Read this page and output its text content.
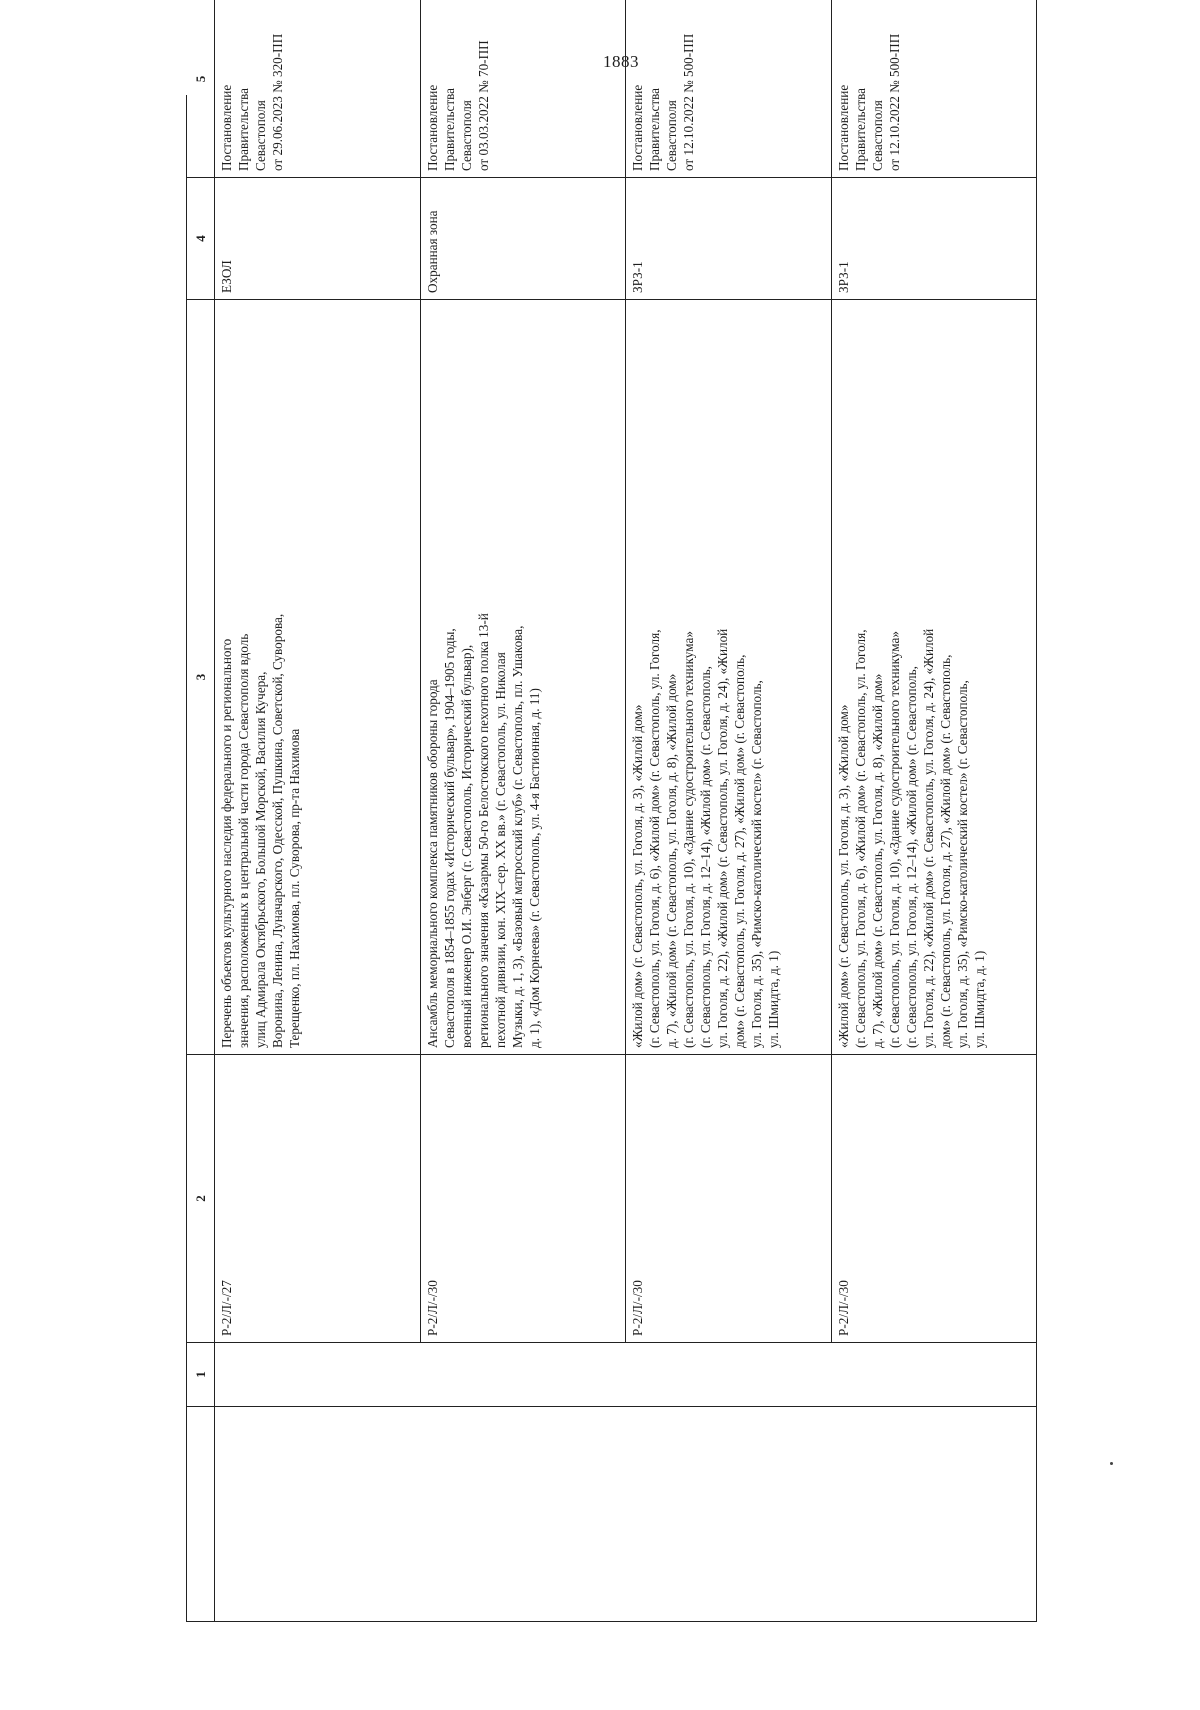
1883
1
2
3
4
5
Р-2/Л/-/27
Перечень объектов культурного наследия федерального и регионального значения, расположенных в центральной части города Севастополя вдоль улиц Адмирала Октябрьского, Большой Морской, Василия Кучера, Воронина, Ленина, Луначарского, Одесской, Пушкина, Советской, Суворова, Терещенко, пл. Нахимова, пл. Суворова, пр-та Нахимова
ЕЗОЛ
Постановление Правительства Севастополя от 29.06.2023 № 320-ПП
Р-2/Л/-/30
Ансамбль мемориального комплекса памятников обороны города Севастополя в 1854–1855 годах «Исторический бульвар», 1904–1905 годы, военный инженер О.И. Энберг (г. Севастополь, Исторический бульвар), регионального значения «Казармы 50-го Белостокского пехотного полка 13-й пехотной дивизии, кон. XIX–сер. XX вв.» (г. Севастополь, ул. Николая Музыки, д. 1, 3), «Базовый матросский клуб» (г. Севастополь, пл. Ушакова, д. 1), «Дом Корнеева» (г. Севастополь, ул. 4-я Бастионная, д. 11)
Охранная зона
Постановление Правительства Севастополя от 03.03.2022 № 70-ПП
Р-2/Л/-/30
«Жилой дом» (г. Севастополь, ул. Гоголя, д. 3), «Жилой дом» (г. Севастополь, ул. Гоголя, д. 6), «Жилой дом» (г. Севастополь, ул. Гоголя, д. 7), «Жилой дом» (г. Севастополь, ул. Гоголя, д. 8), «Жилой дом» (г. Севастополь, ул. Гоголя, д. 10), «Здание судостроительного техникума» (г. Севастополь, ул. Гоголя, д. 12–14), «Жилой дом» (г. Севастополь, ул. Гоголя, д. 22), «Жилой дом» (г. Севастополь, ул. Гоголя, д. 24), «Жилой дом» (г. Севастополь, ул. Гоголя, д. 27), «Жилой дом» (г. Севастополь, ул. Гоголя, д. 35), «Римско-католический костел» (г. Севастополь, ул. Шмидта, д. 1)
ЗРЗ-1
Постановление Правительства Севастополя от 12.10.2022 № 500-ПП
Р-2/Л/-/30
«Жилой дом» (г. Севастополь, ул. Гоголя, д. 3), «Жилой дом» (г. Севастополь, ул. Гоголя, д. 6), «Жилой дом» (г. Севастополь, ул. Гоголя, д. 7), «Жилой дом» (г. Севастополь, ул. Гоголя, д. 8), «Жилой дом» (г. Севастополь, ул. Гоголя, д. 10), «Здание судостроительного техникума» (г. Севастополь, ул. Гоголя, д. 12–14), «Жилой дом» (г. Севастополь, ул. Гоголя, д. 22), «Жилой дом» (г. Севастополь, ул. Гоголя, д. 24), «Жилой дом» (г. Севастополь, ул. Гоголя, д. 27), «Жилой дом» (г. Севастополь, ул. Гоголя, д. 35), «Римско-католический костел» (г. Севастополь, ул. Шмидта, д. 1)
ЗРЗ-1
Постановление Правительства Севастополя от 12.10.2022 № 500-ПП
